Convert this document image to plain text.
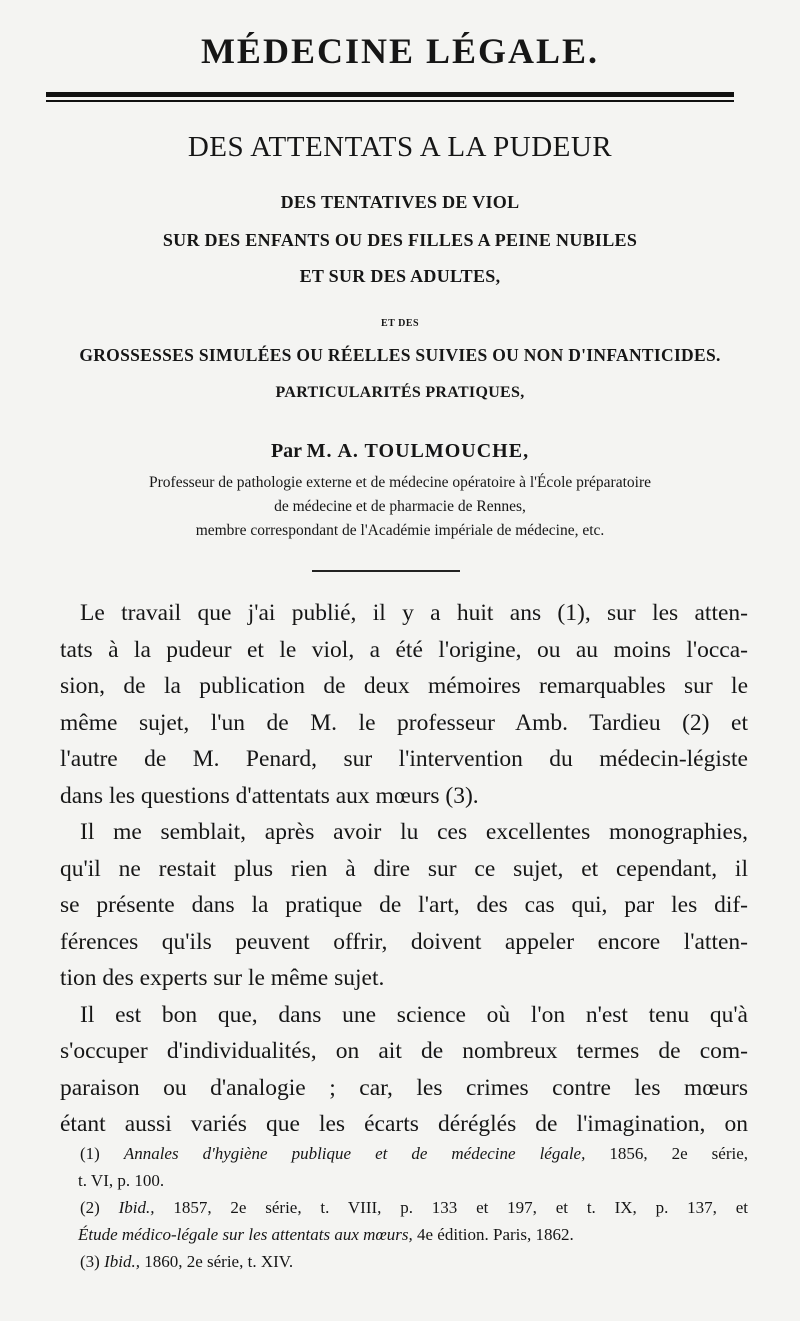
MÉDECINE LÉGALE.
DES ATTENTATS A LA PUDEUR
DES TENTATIVES DE VIOL
SUR DES ENFANTS OU DES FILLES A PEINE NUBILES
ET SUR DES ADULTES,
ET DES
GROSSESSES SIMULÉES OU RÉELLES SUIVIES OU NON D'INFANTICIDES.
PARTICULARITÉS PRATIQUES,
Par M. A. TOULMOUCHE,
Professeur de pathologie externe et de médecine opératoire à l'École préparatoire
de médecine et de pharmacie de Rennes,
membre correspondant de l'Académie impériale de médecine, etc.
Le travail que j'ai publié, il y a huit ans (1), sur les atten-
tats à la pudeur et le viol, a été l'origine, ou au moins l'occa-
sion, de la publication de deux mémoires remarquables sur le
même sujet, l'un de M. le professeur Amb. Tardieu (2) et
l'autre de M. Penard, sur l'intervention du médecin-légiste
dans les questions d'attentats aux mœurs (3).
Il me semblait, après avoir lu ces excellentes monographies,
qu'il ne restait plus rien à dire sur ce sujet, et cependant, il
se présente dans la pratique de l'art, des cas qui, par les dif-
férences qu'ils peuvent offrir, doivent appeler encore l'atten-
tion des experts sur le même sujet.
Il est bon que, dans une science où l'on n'est tenu qu'à
s'occuper d'individualités, on ait de nombreux termes de com-
paraison ou d'analogie ; car, les crimes contre les mœurs
étant aussi variés que les écarts déréglés de l'imagination, on
(1) Annales d'hygiène publique et de médecine légale, 1856, 2e série,
t. VI, p. 100.
(2) Ibid., 1857, 2e série, t. VIII, p. 133 et 197, et t. IX, p. 137, et
Étude médico-légale sur les attentats aux mœurs, 4e édition. Paris, 1862.
(3) Ibid., 1860, 2e série, t. XIV.
